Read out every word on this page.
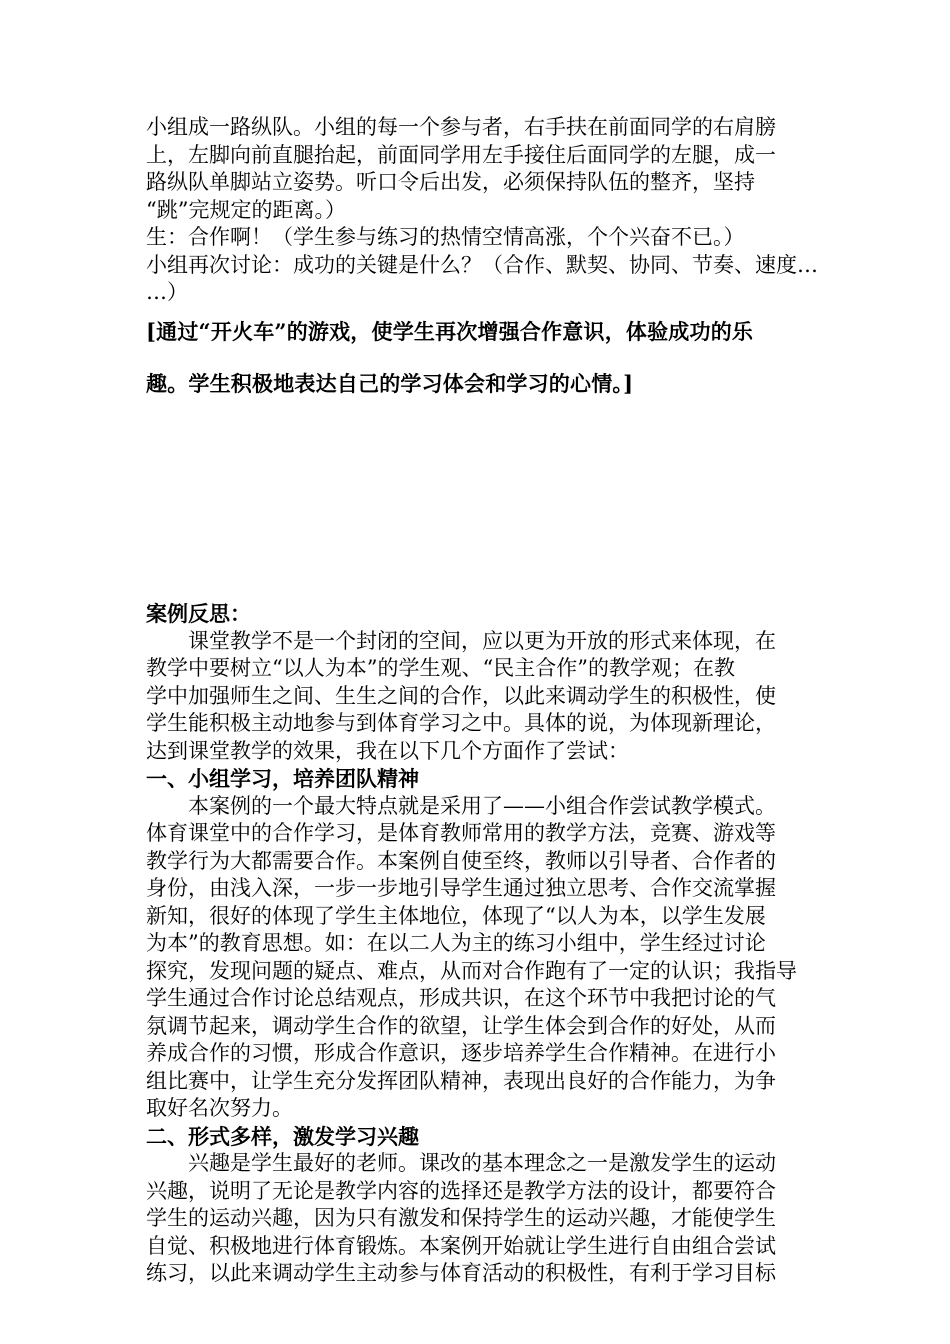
小组成一路纵队。小组的每一个参与者，右手扶在前面同学的右肩膀
上，左脚向前直腿抬起，前面同学用左手接住后面同学的左腿，成一
路纵队单脚站立姿势。听口令后出发，必须保持队伍的整齐，坚持
“跳”完规定的距离。）
生：合作啊！（学生参与练习的热情空情高涨，个个兴奋不已。）
小组再次讨论：成功的关键是什么？（合作、默契、协同、节奏、速度…
…）
[通过“开火车”的游戏，使学生再次增强合作意识，体验成功的乐
趣。学生积极地表达自己的学习体会和学习的心情。]
案例反思：
课堂教学不是一个封闭的空间，应以更为开放的形式来体现，在
教学中要树立“以人为本”的学生观、“民主合作”的教学观；在教
学中加强师生之间、生生之间的合作，以此来调动学生的积极性，使
学生能积极主动地参与到体育学习之中。具体的说，为体现新理论，
达到课堂教学的效果，我在以下几个方面作了尝试：
一、小组学习，培养团队精神
本案例的一个最大特点就是采用了——小组合作尝试教学模式。
体育课堂中的合作学习，是体育教师常用的教学方法，竞赛、游戏等
教学行为大都需要合作。本案例自使至终，教师以引导者、合作者的
身份，由浅入深，一步一步地引导学生通过独立思考、合作交流掌握
新知，很好的体现了学生主体地位，体现了“以人为本，以学生发展
为本”的教育思想。如：在以二人为主的练习小组中，学生经过讨论
探究，发现问题的疑点、难点，从而对合作跑有了一定的认识；我指导
学生通过合作讨论总结观点，形成共识，在这个环节中我把讨论的气
氛调节起来，调动学生合作的欲望，让学生体会到合作的好处，从而
养成合作的习惯，形成合作意识，逐步培养学生合作精神。在进行小
组比赛中，让学生充分发挥团队精神，表现出良好的合作能力，为争
取好名次努力。
二、形式多样，激发学习兴趣
兴趣是学生最好的老师。课改的基本理念之一是激发学生的运动
兴趣，说明了无论是教学内容的选择还是教学方法的设计，都要符合
学生的运动兴趣，因为只有激发和保持学生的运动兴趣，才能使学生
自觉、积极地进行体育锻炼。本案例开始就让学生进行自由组合尝试
练习，以此来调动学生主动参与体育活动的积极性，有利于学习目标
